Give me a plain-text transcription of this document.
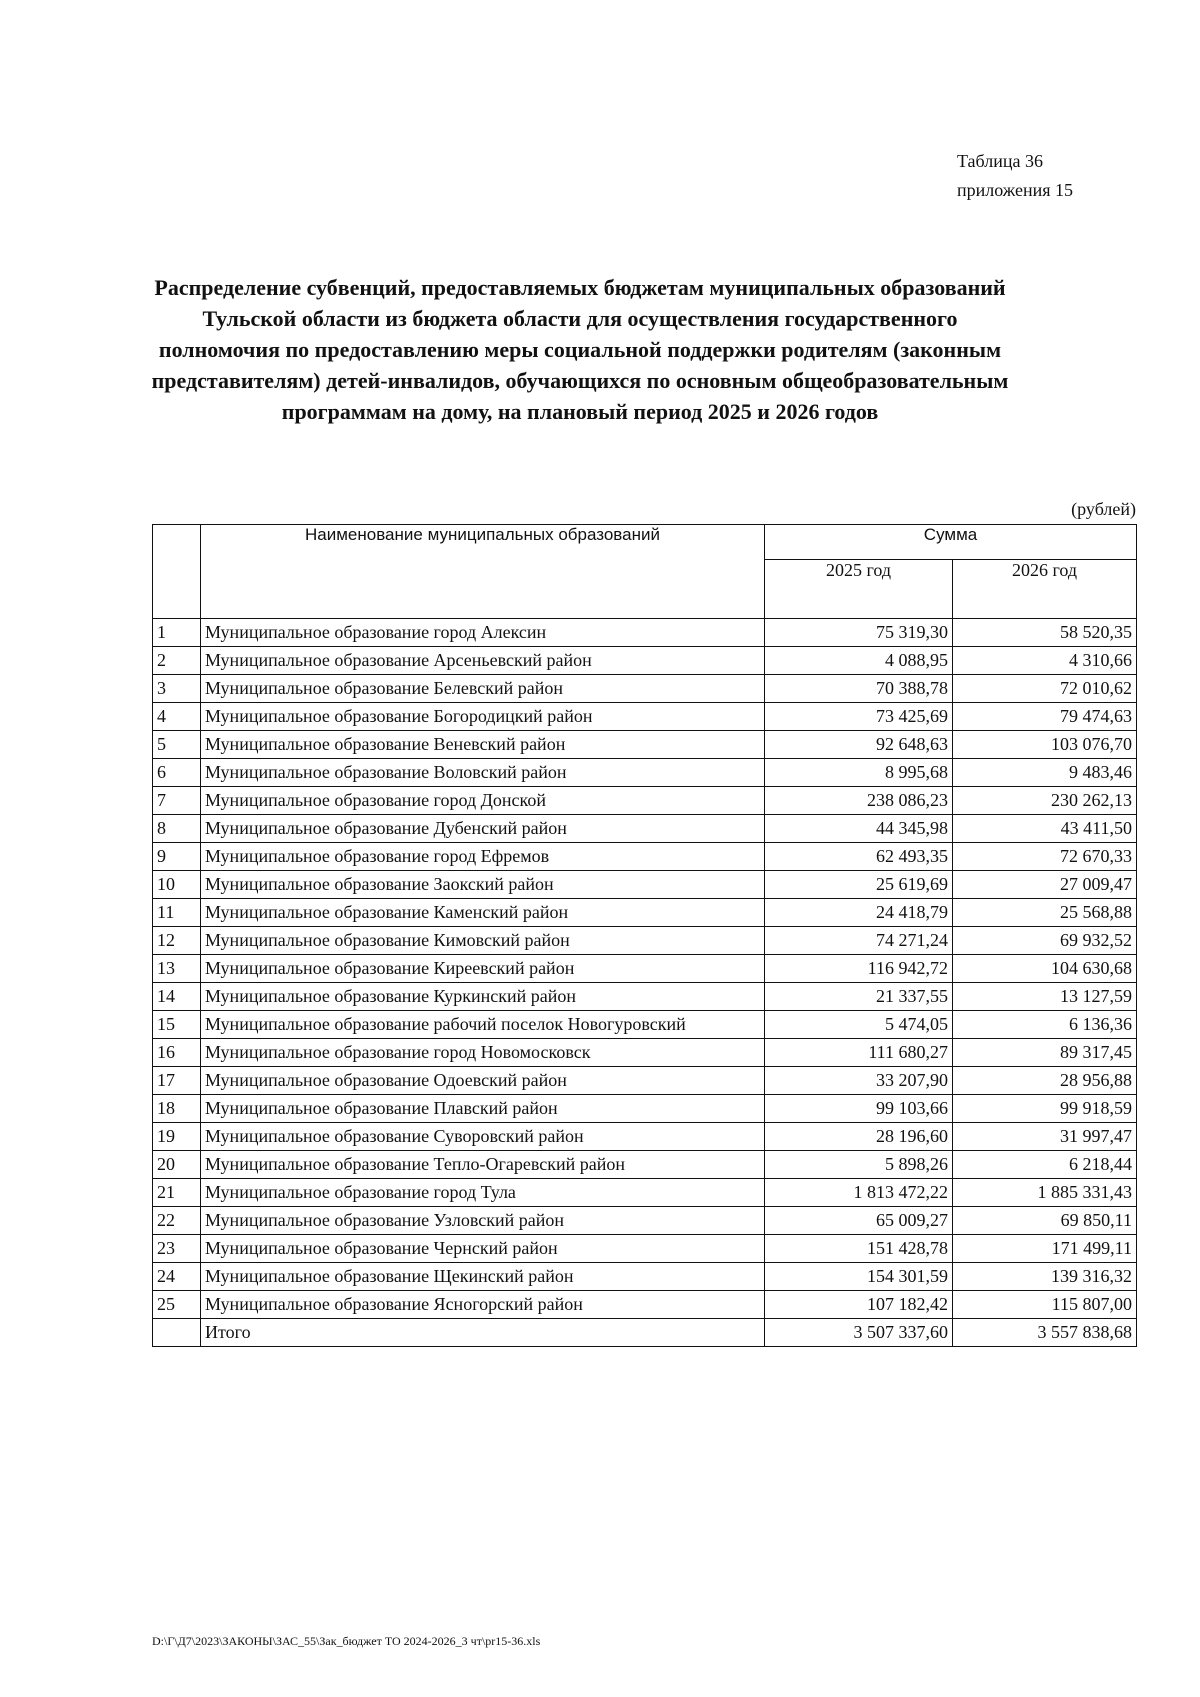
Таблица 36
приложения 15
Распределение субвенций, предоставляемых бюджетам муниципальных образований Тульской области из бюджета области для осуществления государственного полномочия по предоставлению меры социальной поддержки родителям (законным представителям) детей-инвалидов, обучающихся по основным общеобразовательным программам на дому, на плановый период 2025 и 2026 годов
(рублей)
	Наименование муниципальных образований	Сумма	
		2025 год	2026 год
1	Муниципальное образование город Алексин	75 319,30	58 520,35
2	Муниципальное образование Арсеньевский район	4 088,95	4 310,66
3	Муниципальное образование Белевский район	70 388,78	72 010,62
4	Муниципальное образование Богородицкий район	73 425,69	79 474,63
5	Муниципальное образование Веневский район	92 648,63	103 076,70
6	Муниципальное образование Воловский район	8 995,68	9 483,46
7	Муниципальное образование город Донской	238 086,23	230 262,13
8	Муниципальное образование Дубенский район	44 345,98	43 411,50
9	Муниципальное образование город Ефремов	62 493,35	72 670,33
10	Муниципальное образование Заокский район	25 619,69	27 009,47
11	Муниципальное образование Каменский район	24 418,79	25 568,88
12	Муниципальное образование Кимовский район	74 271,24	69 932,52
13	Муниципальное образование Киреевский район	116 942,72	104 630,68
14	Муниципальное образование Куркинский район	21 337,55	13 127,59
15	Муниципальное образование рабочий поселок Новогуровский	5 474,05	6 136,36
16	Муниципальное образование город Новомосковск	111 680,27	89 317,45
17	Муниципальное образование Одоевский район	33 207,90	28 956,88
18	Муниципальное образование Плавский район	99 103,66	99 918,59
19	Муниципальное образование Суворовский район	28 196,60	31 997,47
20	Муниципальное образование Тепло-Огаревский район	5 898,26	6 218,44
21	Муниципальное образование город Тула	1 813 472,22	1 885 331,43
22	Муниципальное образование Узловский район	65 009,27	69 850,11
23	Муниципальное образование Чернский район	151 428,78	171 499,11
24	Муниципальное образование Щекинский район	154 301,59	139 316,32
25	Муниципальное образование Ясногорский район	107 182,42	115 807,00
	Итого	3 507 337,60	3 557 838,68
D:\Г\Д7\2023\ЗАКОНЫ\ЗАС_55\Зак_бюджет ТО 2024-2026_3 чт\pr15-36.xls
